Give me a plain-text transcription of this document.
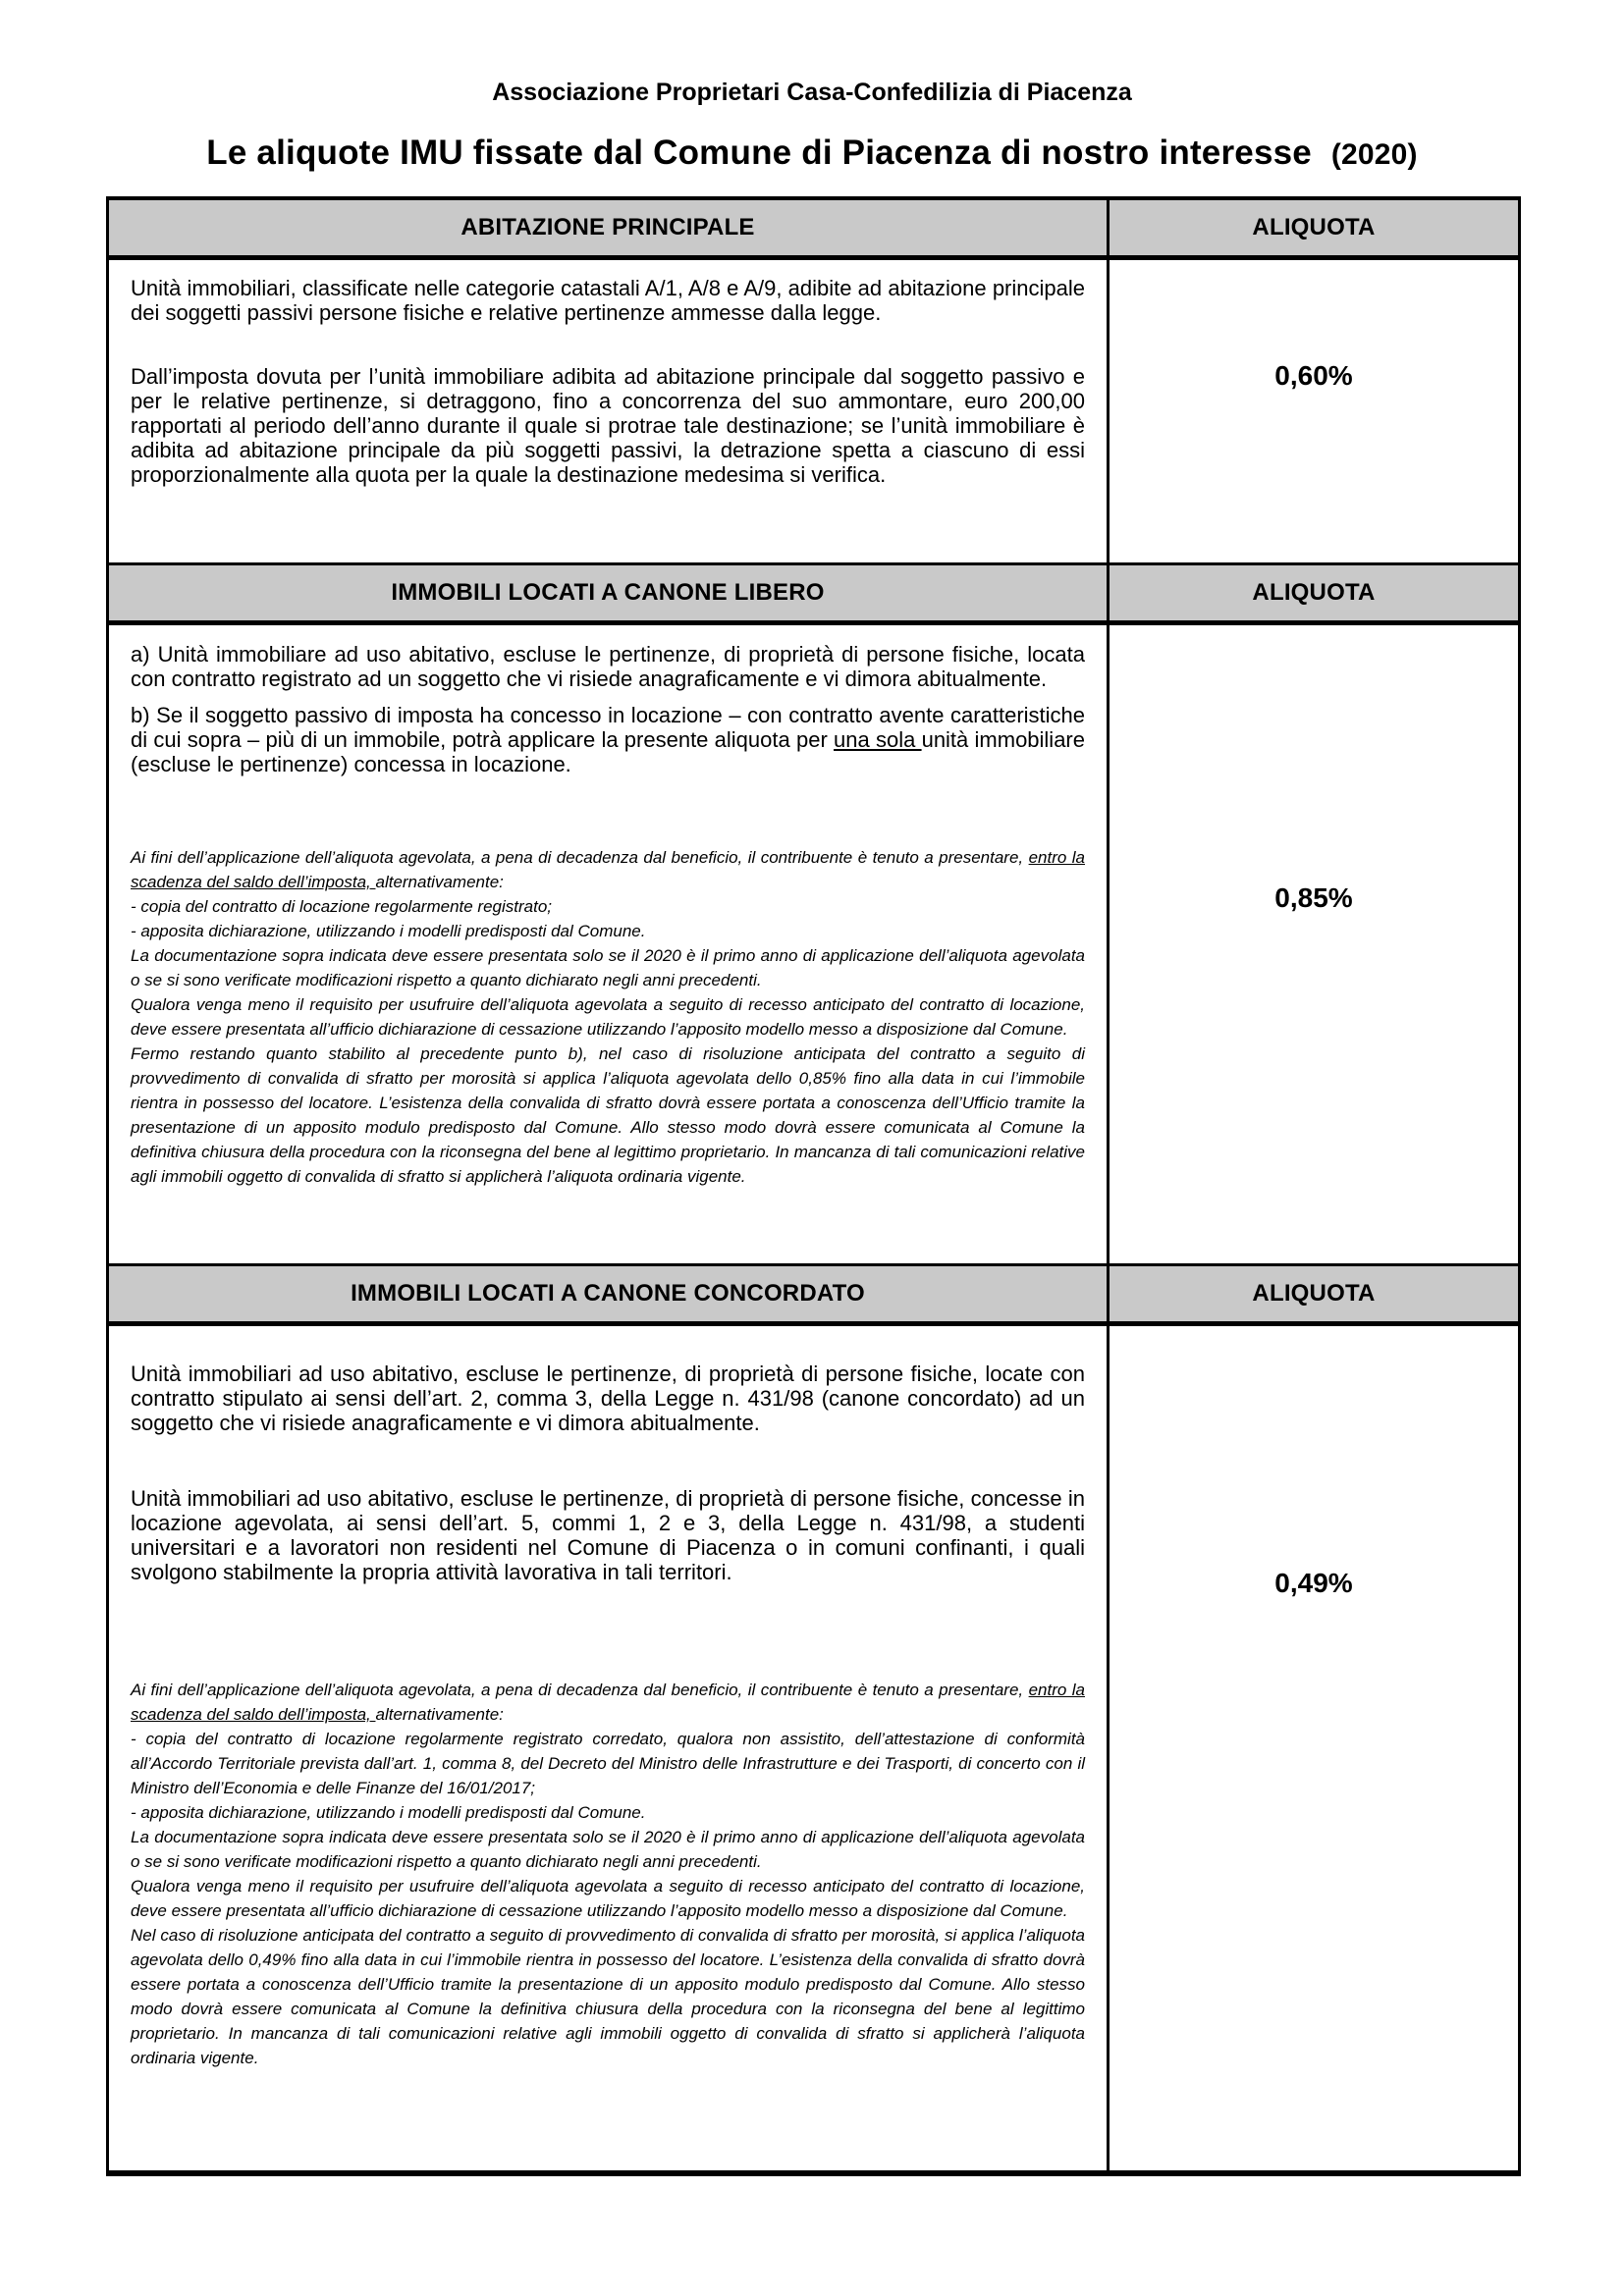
Associazione Proprietari Casa-Confedilizia di Piacenza

Le aliquote IMU fissate dal Comune di Piacenza di nostro interesse (2020)
ABITAZIONE PRINCIPALE	ALIQUOTA

Unità immobiliari, classificate nelle categorie catastali A/1, A/8 e A/9, adibite ad abitazione principale dei soggetti passivi persone fisiche e relative pertinenze ammesse dalla legge.

Dall’imposta dovuta per l’unità immobiliare adibita ad abitazione principale dal soggetto passivo e per le relative pertinenze, si detraggono, fino a concorrenza del suo ammontare, euro 200,00 rapportati al periodo dell’anno durante il quale si protrae tale destinazione; se l’unità immobiliare è adibita ad abitazione principale da più soggetti passivi, la detrazione spetta a ciascuno di essi proporzionalmente alla quota per la quale la destinazione medesima si verifica.

0,60%
IMMOBILI LOCATI A CANONE LIBERO	ALIQUOTA

a) Unità immobiliare ad uso abitativo, escluse le pertinenze, di proprietà di persone fisiche, locata con contratto registrato ad un soggetto che vi risiede anagraficamente e vi dimora abitualmente.

b) Se il soggetto passivo di imposta ha concesso in locazione – con contratto avente caratteristiche di cui sopra – più di un immobile, potrà applicare la presente aliquota per una sola unità immobiliare (escluse le pertinenze) concessa in locazione.

Ai fini dell’applicazione dell’aliquota agevolata, a pena di decadenza dal beneficio, il contribuente è tenuto a presentare, entro la scadenza del saldo dell’imposta, alternativamente:

- copia del contratto di locazione regolarmente registrato;

- apposita dichiarazione, utilizzando i modelli predisposti dal Comune.

La documentazione sopra indicata deve essere presentata solo se il 2020 è il primo anno di applicazione dell’aliquota agevolata o se si sono verificate modificazioni rispetto a quanto dichiarato negli anni precedenti.

Qualora venga meno il requisito per usufruire dell’aliquota agevolata a seguito di recesso anticipato del contratto di locazione, deve essere presentata all’ufficio dichiarazione di cessazione utilizzando l’apposito modello messo a disposizione dal Comune.

Fermo restando quanto stabilito al precedente punto b), nel caso di risoluzione anticipata del contratto a seguito di provvedimento di convalida di sfratto per morosità si applica l’aliquota agevolata dello 0,85% fino alla data in cui l’immobile rientra in possesso del locatore. L’esistenza della convalida di sfratto dovrà essere portata a conoscenza dell’Ufficio tramite la presentazione di un apposito modulo predisposto dal Comune. Allo stesso modo dovrà essere comunicata al Comune la definitiva chiusura della procedura con la riconsegna del bene al legittimo proprietario. In mancanza di tali comunicazioni relative agli immobili oggetto di convalida di sfratto si applicherà l’aliquota ordinaria vigente.

0,85%
IMMOBILI LOCATI A CANONE CONCORDATO	ALIQUOTA

Unità immobiliari ad uso abitativo, escluse le pertinenze, di proprietà di persone fisiche, locate con contratto stipulato ai sensi dell’art. 2, comma 3, della Legge n. 431/98 (canone concordato) ad un soggetto che vi risiede anagraficamente e vi dimora abitualmente.

Unità immobiliari ad uso abitativo, escluse le pertinenze, di proprietà di persone fisiche, concesse in locazione agevolata, ai sensi dell’art. 5, commi 1, 2 e 3, della Legge n. 431/98, a studenti universitari e a lavoratori non residenti nel Comune di Piacenza o in comuni confinanti, i quali svolgono stabilmente la propria attività lavorativa in tali territori.

Ai fini dell’applicazione dell’aliquota agevolata, a pena di decadenza dal beneficio, il contribuente è tenuto a presentare, entro la scadenza del saldo dell’imposta, alternativamente:

- copia del contratto di locazione regolarmente registrato corredato, qualora non assistito, dell’attestazione di conformità all’Accordo Territoriale prevista dall’art. 1, comma 8, del Decreto del Ministro delle Infrastrutture e dei Trasporti, di concerto con il Ministro dell’Economia e delle Finanze del 16/01/2017;

- apposita dichiarazione, utilizzando i modelli predisposti dal Comune.

La documentazione sopra indicata deve essere presentata solo se il 2020 è il primo anno di applicazione dell’aliquota agevolata o se si sono verificate modificazioni rispetto a quanto dichiarato negli anni precedenti.

Qualora venga meno il requisito per usufruire dell’aliquota agevolata a seguito di recesso anticipato del contratto di locazione, deve essere presentata all’ufficio dichiarazione di cessazione utilizzando l’apposito modello messo a disposizione dal Comune.

Nel caso di risoluzione anticipata del contratto a seguito di provvedimento di convalida di sfratto per morosità, si applica l’aliquota agevolata dello 0,49% fino alla data in cui l’immobile rientra in possesso del locatore. L’esistenza della convalida di sfratto dovrà essere portata a conoscenza dell’Ufficio tramite la presentazione di un apposito modulo predisposto dal Comune. Allo stesso modo dovrà essere comunicata al Comune la definitiva chiusura della procedura con la riconsegna del bene al legittimo proprietario. In mancanza di tali comunicazioni relative agli immobili oggetto di convalida di sfratto si applicherà l’aliquota ordinaria vigente.

0,49%
